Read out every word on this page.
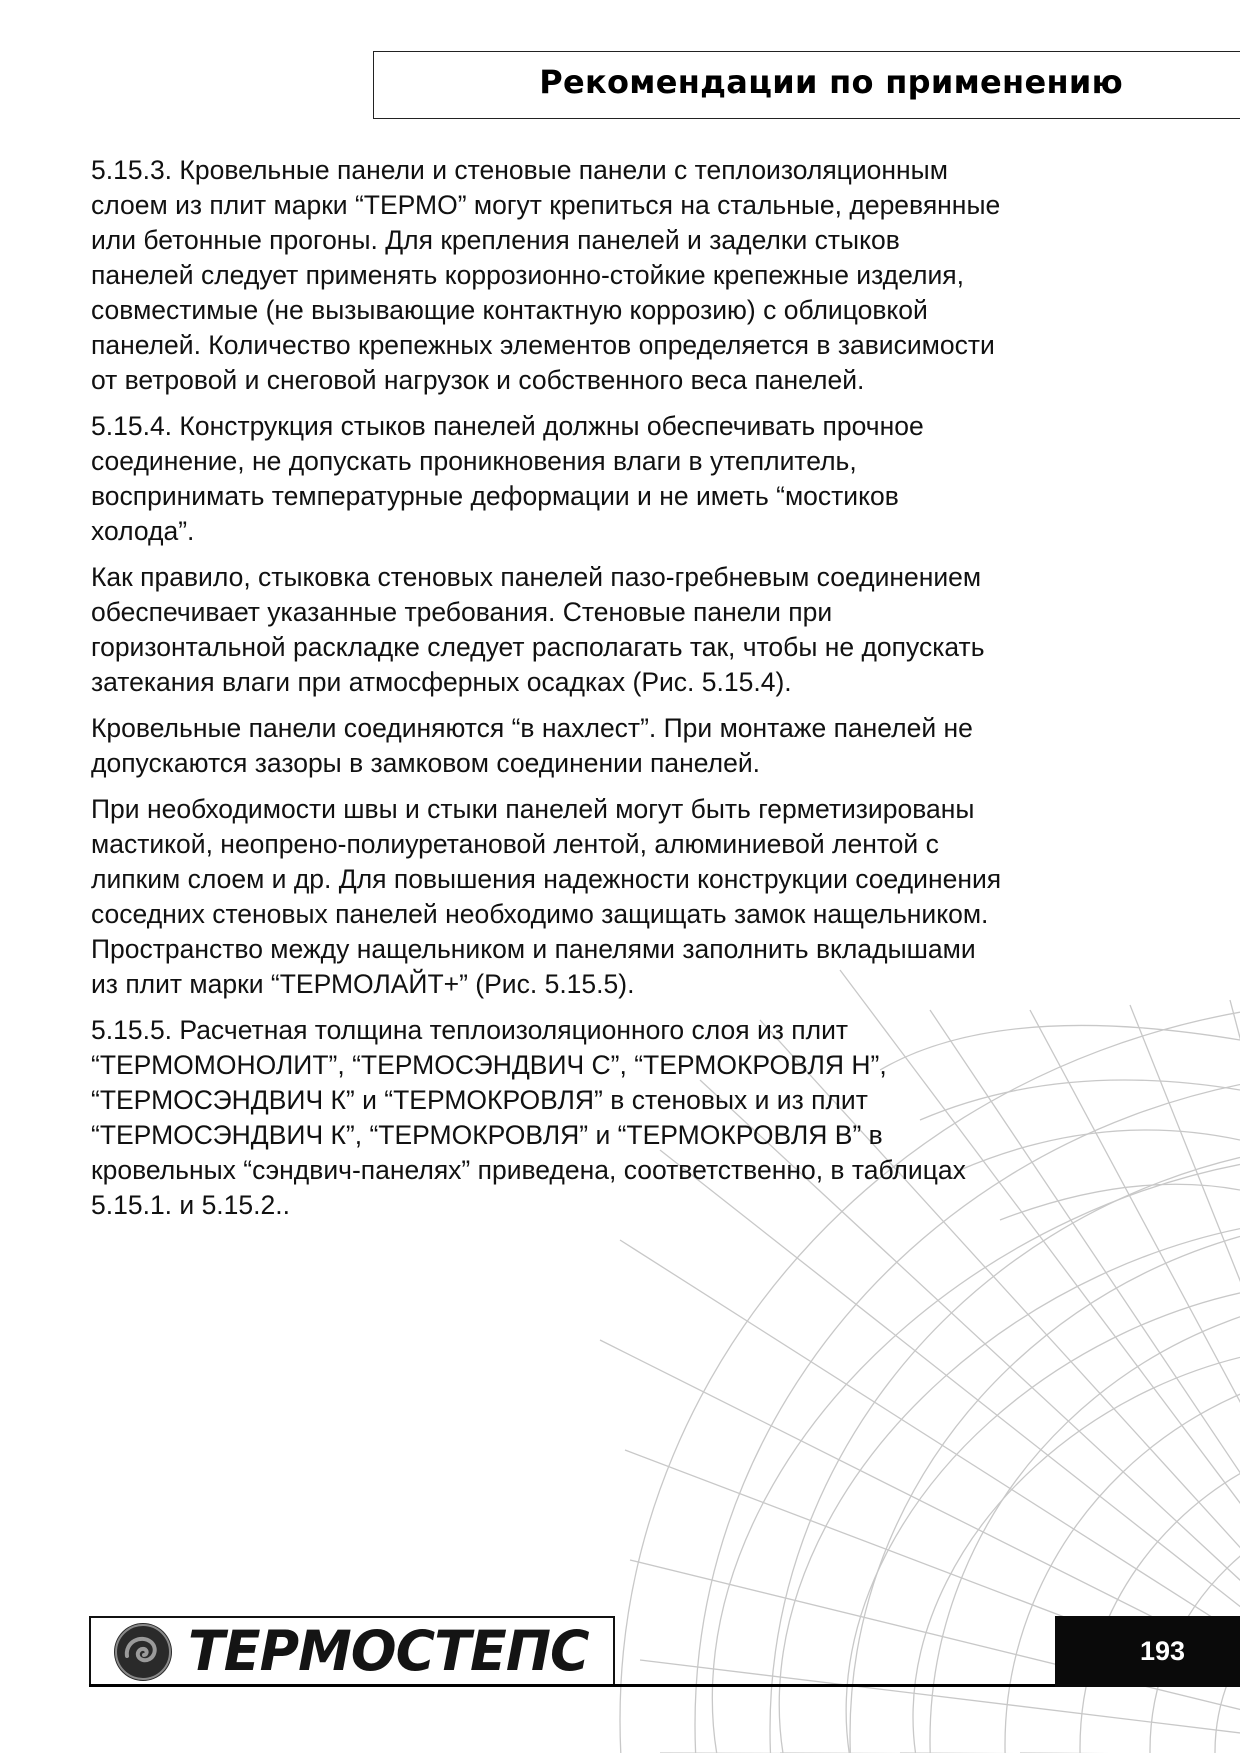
Рекомендации по применению

5.15.3. Кровельные панели и стеновые панели с теплоизоляционным
слоем из плит марки “ТЕРМО” могут крепиться на стальные, деревянные
или бетонные прогоны. Для крепления панелей и заделки стыков
панелей следует применять коррозионно-стойкие крепежные изделия,
совместимые (не вызывающие контактную коррозию) с облицовкой
панелей. Количество крепежных элементов определяется в зависимости
от ветровой и снеговой нагрузок и собственного веса панелей.

5.15.4. Конструкция стыков панелей должны обеспечивать прочное
соединение, не допускать проникновения влаги в утеплитель,
воспринимать температурные деформации и не иметь “мостиков
холода”.

Как правило, стыковка стеновых панелей пазо-гребневым соединением
обеспечивает указанные требования. Стеновые панели при
горизонтальной раскладке следует располагать так, чтобы не допускать
затекания влаги при атмосферных осадках (Рис. 5.15.4).

Кровельные панели соединяются “в нахлест”. При монтаже панелей не
допускаются зазоры в замковом соединении панелей.

При необходимости швы и стыки панелей могут быть герметизированы
мастикой, неопрено-полиуретановой лентой, алюминиевой лентой с
липким слоем и др. Для повышения надежности конструкции соединения
соседних стеновых панелей необходимо защищать замок нащельником.
Пространство между нащельником и панелями заполнить вкладышами
из плит марки “ТЕРМОЛАЙТ+” (Рис. 5.15.5).

5.15.5. Расчетная толщина теплоизоляционного слоя из плит
“ТЕРМОМОНОЛИТ”, “ТЕРМОСЭНДВИЧ С”, “ТЕРМОКРОВЛЯ Н”,
“ТЕРМОСЭНДВИЧ К” и “ТЕРМОКРОВЛЯ” в стеновых и из плит
“ТЕРМОСЭНДВИЧ К”, “ТЕРМОКРОВЛЯ” и “ТЕРМОКРОВЛЯ В” в
кровельных “сэндвич-панелях” приведена, соответственно, в таблицах
5.15.1. и 5.15.2..

ТЕРМОСТЕПС	193
